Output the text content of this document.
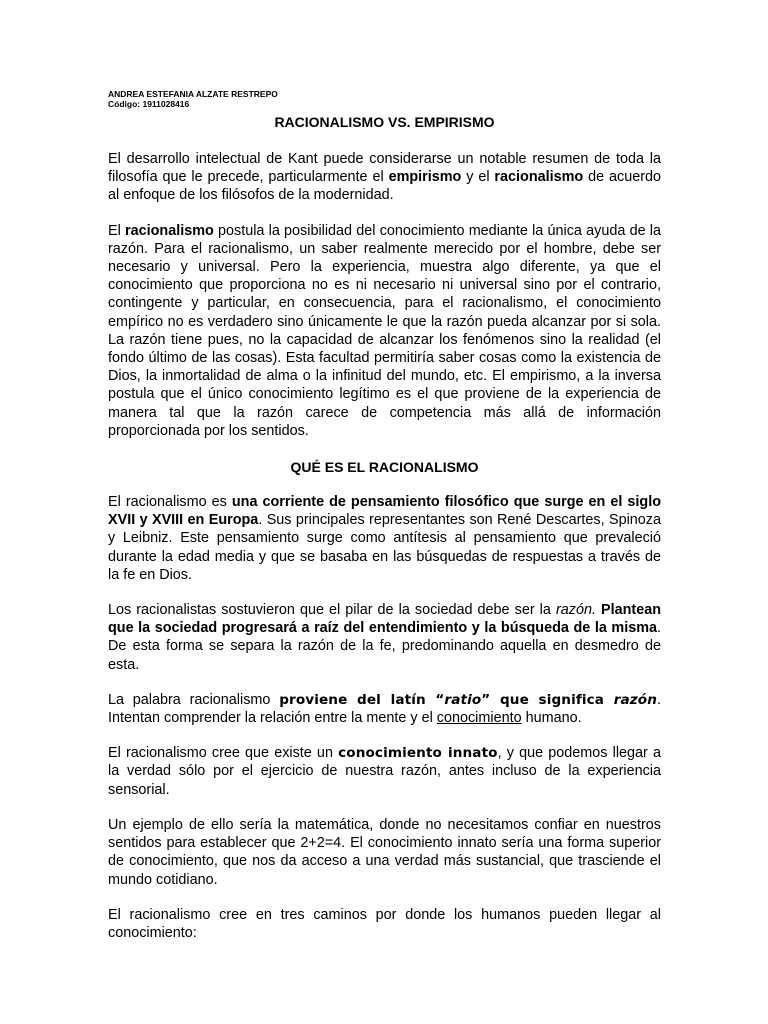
ANDREA ESTEFANIA ALZATE RESTREPO
Código: 1911028416
RACIONALISMO VS. EMPIRISMO

El desarrollo intelectual de Kant puede considerarse un notable resumen de toda la filosofía que le precede, particularmente el empirismo y el racionalismo de acuerdo al enfoque de los filósofos de la modernidad.

El racionalismo postula la posibilidad del conocimiento mediante la única ayuda de la razón. Para el racionalismo, un saber realmente merecido por el hombre, debe ser necesario y universal. Pero la experiencia, muestra algo diferente, ya que el conocimiento que proporciona no es ni necesario ni universal sino por el contrario, contingente y particular, en consecuencia, para el racionalismo, el conocimiento empírico no es verdadero sino únicamente le que la razón pueda alcanzar por si sola. La razón tiene pues, no la capacidad de alcanzar los fenómenos sino la realidad (el fondo último de las cosas). Esta facultad permitiría saber cosas como la existencia de Dios, la inmortalidad de alma o la infinitud del mundo, etc. El empirismo, a la inversa postula que el único conocimiento legítimo es el que proviene de la experiencia de manera tal que la razón carece de competencia más allá de información proporcionada por los sentidos.

QUÉ ES EL RACIONALISMO

El racionalismo es una corriente de pensamiento filosófico que surge en el siglo XVII y XVIII en Europa. Sus principales representantes son René Descartes, Spinoza y Leibniz. Este pensamiento surge como antítesis al pensamiento que prevaleció durante la edad media y que se basaba en las búsquedas de respuestas a través de la fe en Dios.

Los racionalistas sostuvieron que el pilar de la sociedad debe ser la razón. Plantean que la sociedad progresará a raíz del entendimiento y la búsqueda de la misma. De esta forma se separa la razón de la fe, predominando aquella en desmedro de esta.

La palabra racionalismo proviene del latín “ratio” que significa razón. Intentan comprender la relación entre la mente y el conocimiento humano.

El racionalismo cree que existe un conocimiento innato, y que podemos llegar a la verdad sólo por el ejercicio de nuestra razón, antes incluso de la experiencia sensorial.

Un ejemplo de ello sería la matemática, donde no necesitamos confiar en nuestros sentidos para establecer que 2+2=4. El conocimiento innato sería una forma superior de conocimiento, que nos da acceso a una verdad más sustancial, que trasciende el mundo cotidiano.

El racionalismo cree en tres caminos por donde los humanos pueden llegar al conocimiento:
